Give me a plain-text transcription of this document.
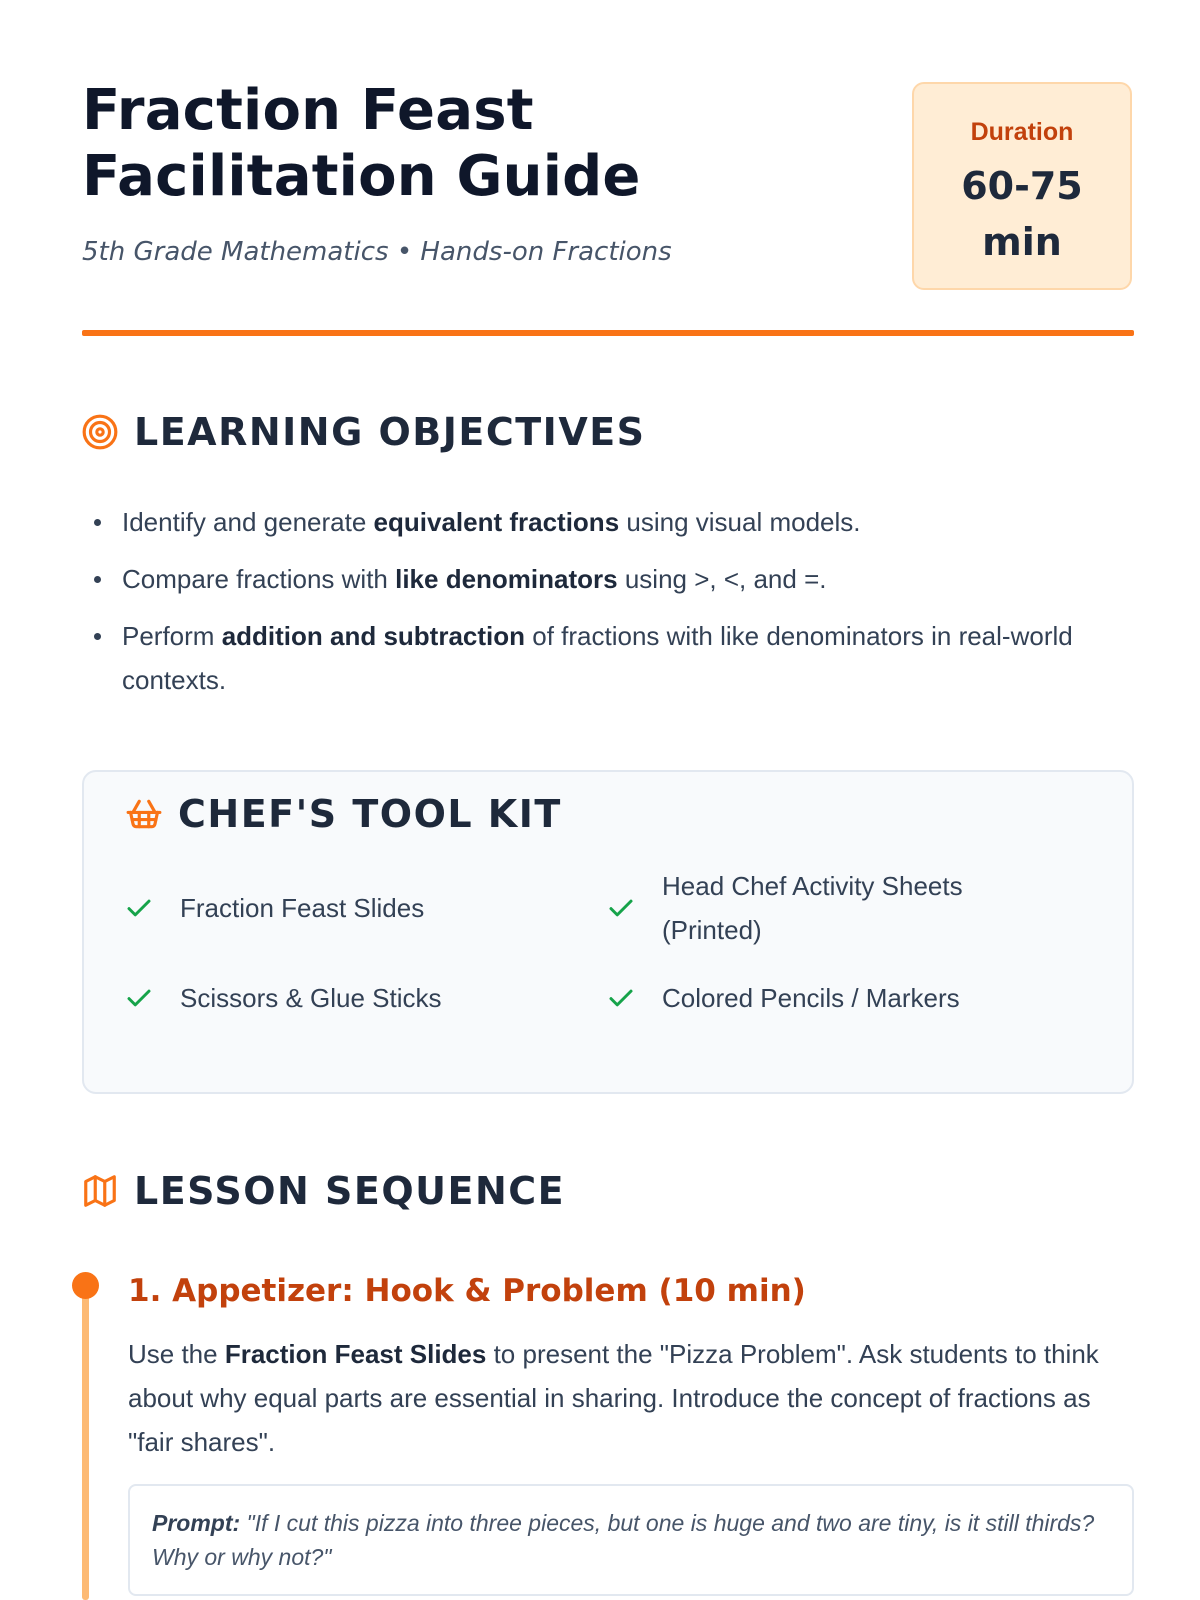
Fraction Feast Facilitation Guide
5th Grade Mathematics • Hands-on Fractions
Duration
60-75 min
LEARNING OBJECTIVES
Identify and generate equivalent fractions using visual models.
Compare fractions with like denominators using >, <, and =.
Perform addition and subtraction of fractions with like denominators in real-world contexts.
CHEF'S TOOL KIT
Fraction Feast Slides
Head Chef Activity Sheets (Printed)
Scissors & Glue Sticks	Colored Pencils / Markers
LESSON SEQUENCE
1. Appetizer: Hook & Problem (10 min)
Use the Fraction Feast Slides to present the "Pizza Problem". Ask students to think about why equal parts are essential in sharing. Introduce the concept of fractions as "fair shares".
Prompt: "If I cut this pizza into three pieces, but one is huge and two are tiny, is it still thirds? Why or why not?"
